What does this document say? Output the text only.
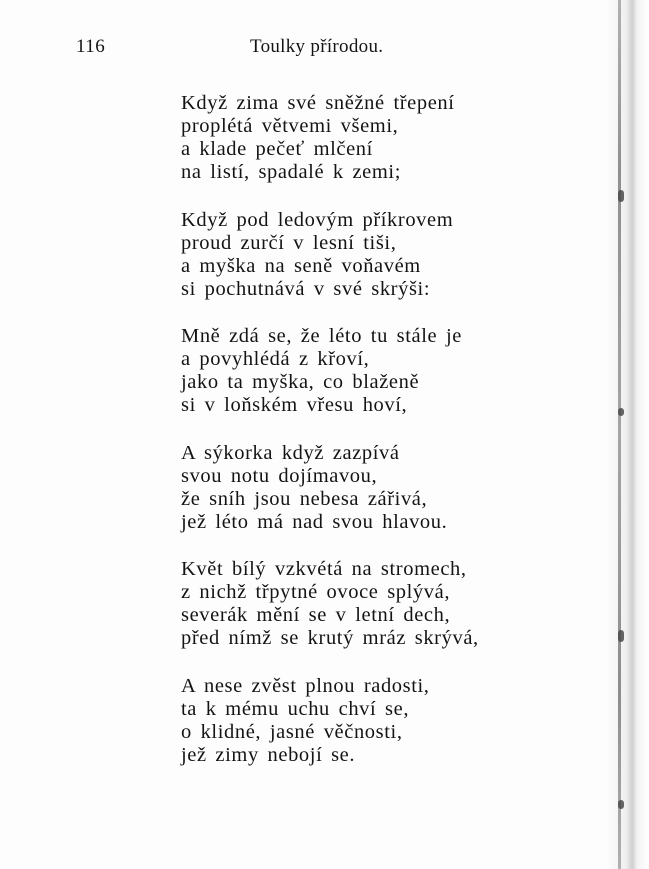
116	Toulky přírodou.
Když zima své sněžné třepení
proplétá větvemi všemi,
a klade pečeť mlčení
na listí, spadalé k zemi;
Když pod ledovým příkrovem
proud zurčí v lesní tiši,
a myška na seně voňavém
si pochutnává v své skrýši:
Mně zdá se, že léto tu stále je
a povyhlédá z křoví,
jako ta myška, co blaženě
si v loňském vřesu hoví,
A sýkorka když zazpívá
svou notu dojímavou,
že sníh jsou nebesa zářivá,
jež léto má nad svou hlavou.
Květ bílý vzkvétá na stromech,
z nichž třpytné ovoce splývá,
severák mění se v letní dech,
před nímž se krutý mráz skrývá,
A nese zvěst plnou radosti,
ta k mému uchu chví se,
o klidné, jasné věčnosti,
jež zimy nebojí se.
